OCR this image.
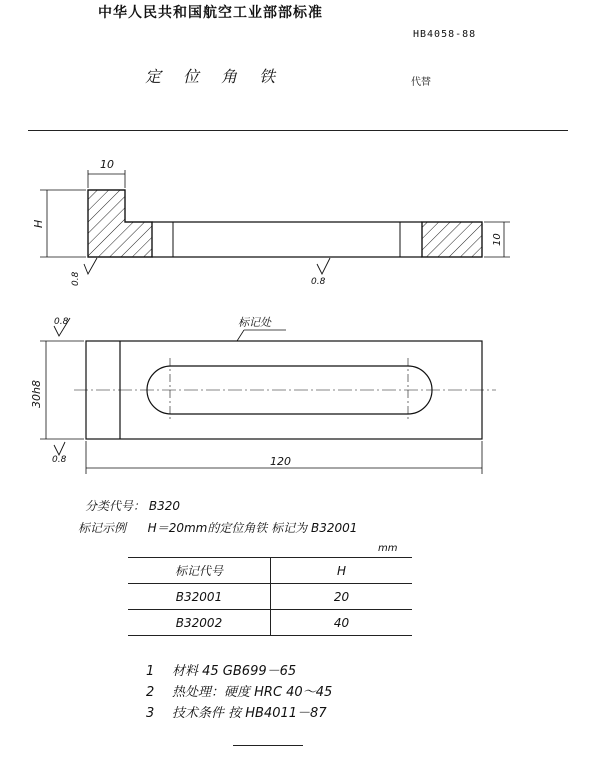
中华人民共和国航空工业部部标准
HB4058-88
定位角铁	代替
10
H
10
0.8	0.8
0.8
0.8
标记处
30h8
120
分类代号： B320
标记示例 H＝20mm的定位角铁 标记为 B32001
mm
标记代号	H
B32001	20
B32002	40
1 材料 45 GB699－65
2 热处理：硬度 HRC 40～45
3 技术条件 按 HB4011－87
